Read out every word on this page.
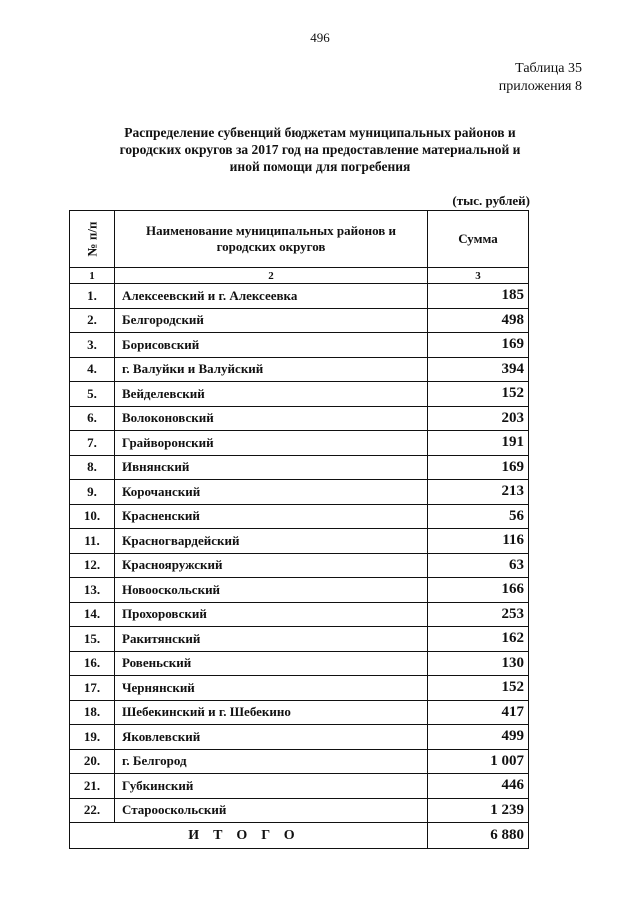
496
Таблица 35
приложения 8
Распределение субвенций бюджетам муниципальных районов и
городских округов за 2017 год на предоставление материальной и
иной помощи для погребения
(тыс. рублей)
№ п/п	Наименование муниципальных районов и городских округов	Сумма
1	2	3
1.	Алексеевский и г. Алексеевка	185
2.	Белгородский	498
3.	Борисовский	169
4.	г. Валуйки и Валуйский	394
5.	Вейделевский	152
6.	Волоконовский	203
7.	Грайворонский	191
8.	Ивнянский	169
9.	Корочанский	213
10.	Красненский	56
11.	Красногвардейский	116
12.	Краснояружский	63
13.	Новооскольский	166
14.	Прохоровский	253
15.	Ракитянский	162
16.	Ровеньский	130
17.	Чернянский	152
18.	Шебекинский и г. Шебекино	417
19.	Яковлевский	499
20.	г. Белгород	1 007
21.	Губкинский	446
22.	Старооскольский	1 239
ИТОГО		6 880
